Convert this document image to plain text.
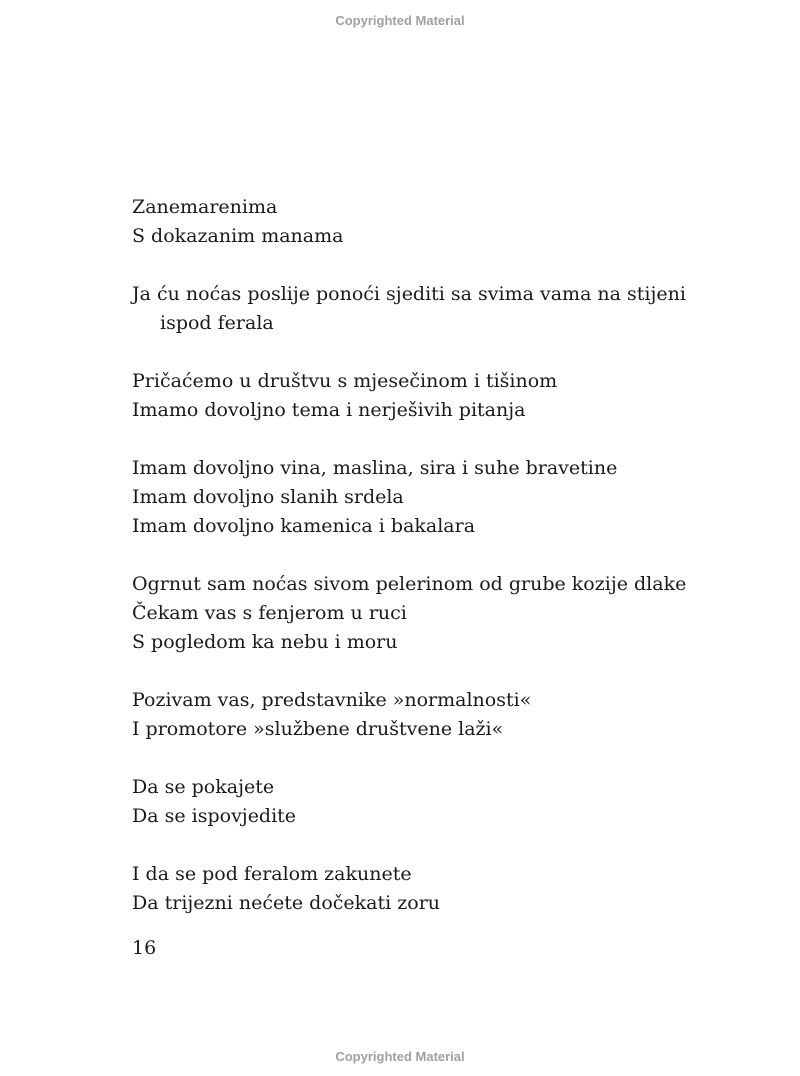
Copyrighted Material
Zanemarenima
S dokazanim manama
Ja ću noćas poslije ponoći sjediti sa svima vama na stijeni
ispod ferala
Pričaćemo u društvu s mjesečinom i tišinom
Imamo dovoljno tema i nerješivih pitanja
Imam dovoljno vina, maslina, sira i suhe bravetine
Imam dovoljno slanih srdela
Imam dovoljno kamenica i bakalara
Ogrnut sam noćas sivom pelerinom od grube kozije dlake
Čekam vas s fenjerom u ruci
S pogledom ka nebu i moru
Pozivam vas, predstavnike »normalnosti«
I promotore »službene društvene laži«
Da se pokajete
Da se ispovjedite
I da se pod feralom zakunete
Da trijezni nećete dočekati zoru
16
Copyrighted Material
